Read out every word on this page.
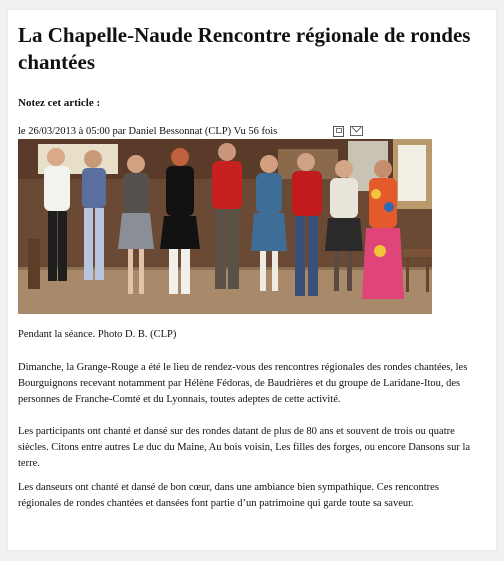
La Chapelle-Naude Rencontre régionale de rondes chantées
Notez cet article :
le 26/03/2013 à 05:00 par Daniel Bessonnat (CLP) Vu 56 fois
Pendant la séance. Photo D. B. (CLP)

Dimanche, la Grange-Rouge a été le lieu de rendez-vous des rencontres régionales des rondes chantées, les Bourguignons recevant notamment par Hélène Fédoras, de Baudrières et du groupe de Laridane-Itou, des personnes de Franche-Comté et du Lyonnais, toutes adeptes de cette activité.

Les participants ont chanté et dansé sur des rondes datant de plus de 80 ans et souvent de trois ou quatre siècles. Citons entre autres Le duc du Maine, Au bois voisin, Les filles des forges, ou encore Dansons sur la terre.

Les danseurs ont chanté et dansé de bon cœur, dans une ambiance bien sympathique. Ces rencontres régionales de rondes chantées et dansées font partie d’un patrimoine qui garde toute sa saveur.
